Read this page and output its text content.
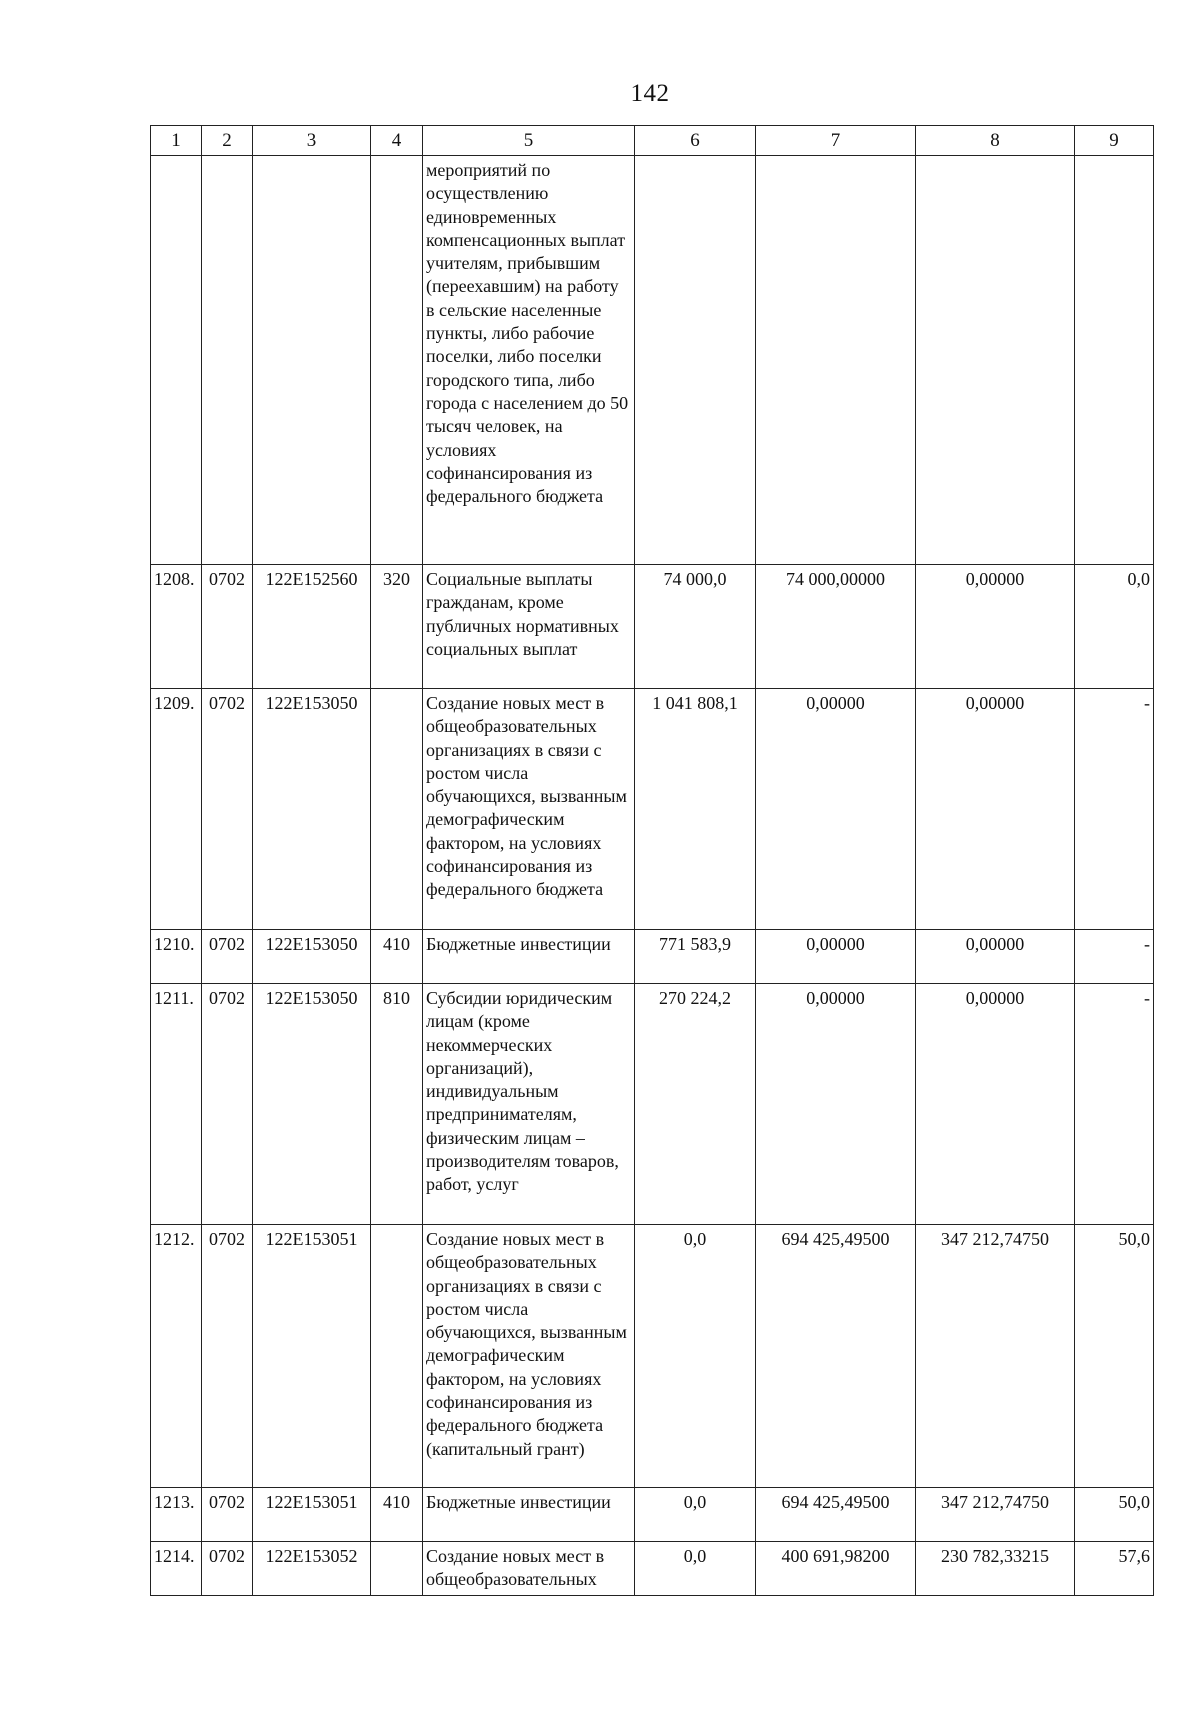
142
1	2	3	4	5	6	7	8	9
				мероприятий по осуществлению единовременных компенсационных выплат учителям, прибывшим (переехавшим) на работу в сельские населенные пункты, либо рабочие поселки, либо поселки городского типа, либо города с населением до 50 тысяч человек, на условиях софинансирования из федерального бюджета				
1208.	0702	122Е152560	320	Социальные выплаты гражданам, кроме публичных нормативных социальных выплат	74 000,0	74 000,00000	0,00000	0,0
1209.	0702	122Е153050		Создание новых мест в общеобразовательных организациях в связи с ростом числа обучающихся, вызванным демографическим фактором, на условиях софинансирования из федерального бюджета	1 041 808,1	0,00000	0,00000	-
1210.	0702	122Е153050	410	Бюджетные инвестиции	771 583,9	0,00000	0,00000	-
1211.	0702	122Е153050	810	Субсидии юридическим лицам (кроме некоммерческих организаций), индивидуальным предпринимателям, физическим лицам – производителям товаров, работ, услуг	270 224,2	0,00000	0,00000	-
1212.	0702	122Е153051		Создание новых мест в общеобразовательных организациях в связи с ростом числа обучающихся, вызванным демографическим фактором, на условиях софинансирования из федерального бюджета (капитальный грант)	0,0	694 425,49500	347 212,74750	50,0
1213.	0702	122Е153051	410	Бюджетные инвестиции	0,0	694 425,49500	347 212,74750	50,0
1214.	0702	122Е153052		Создание новых мест в общеобразовательных	0,0	400 691,98200	230 782,33215	57,6
